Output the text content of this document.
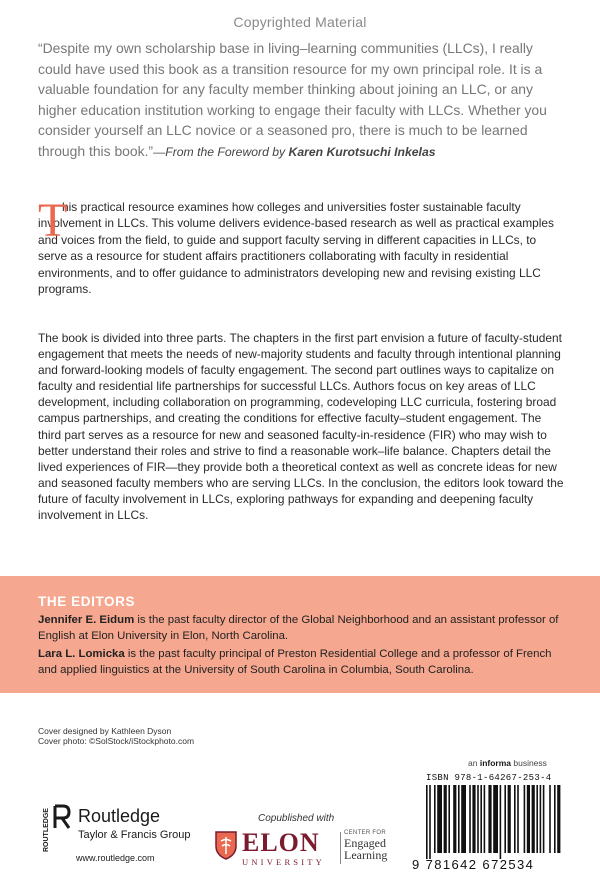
Copyrighted Material
“Despite my own scholarship base in living–learning communities (LLCs), I really could have used this book as a transition resource for my own principal role. It is a valuable foundation for any faculty member thinking about joining an LLC, or any higher education institution working to engage their faculty with LLCs. Whether you consider yourself an LLC novice or a seasoned pro, there is much to be learned through this book.”—From the Foreword by Karen Kurotsuchi Inkelas
T

his practical resource examines how colleges and universities foster sustainable faculty involvement in LLCs. This volume delivers evidence-based research as well as practical examples and voices from the field, to guide and support faculty serving in different capacities in LLCs, to serve as a resource for student affairs practitioners collaborating with faculty in residential environments, and to offer guidance to administrators developing new and revising existing LLC programs.

The book is divided into three parts. The chapters in the first part envision a future of faculty-student engagement that meets the needs of new-majority students and faculty through intentional planning and forward-looking models of faculty engagement. The second part outlines ways to capitalize on faculty and residential life partnerships for successful LLCs. Authors focus on key areas of LLC development, including collaboration on programming, codeveloping LLC curricula, fostering broad campus partnerships, and creating the conditions for effective faculty–student engagement. The third part serves as a resource for new and seasoned faculty-in-residence (FIR) who may wish to better understand their roles and strive to find a reasonable work–life balance. Chapters detail the lived experiences of FIR—they provide both a theoretical context as well as concrete ideas for new and seasoned faculty members who are serving LLCs. In the conclusion, the editors look toward the future of faculty involvement in LLCs, exploring pathways for expanding and deepening faculty involvement in LLCs.

THE EDITORS

Jennifer E. Eidum is the past faculty director of the Global Neighborhood and an assistant professor of English at Elon University in Elon, North Carolina.

Lara L. Lomicka is the past faculty principal of Preston Residential College and a professor of French and applied linguistics at the University of South Carolina in Columbia, South Carolina.

Cover designed by Kathleen Dyson
Cover photo: ©SolStock/iStockphoto.com
ROUTLEDGE Routledge
Taylor & Francis Group
www.routledge.com
Copublished with
ELON
UNIVERSITY
CENTER FOR
Engaged
Learning
an informa business
ISBN 978-1-64267-253-4
9 781642 672534
